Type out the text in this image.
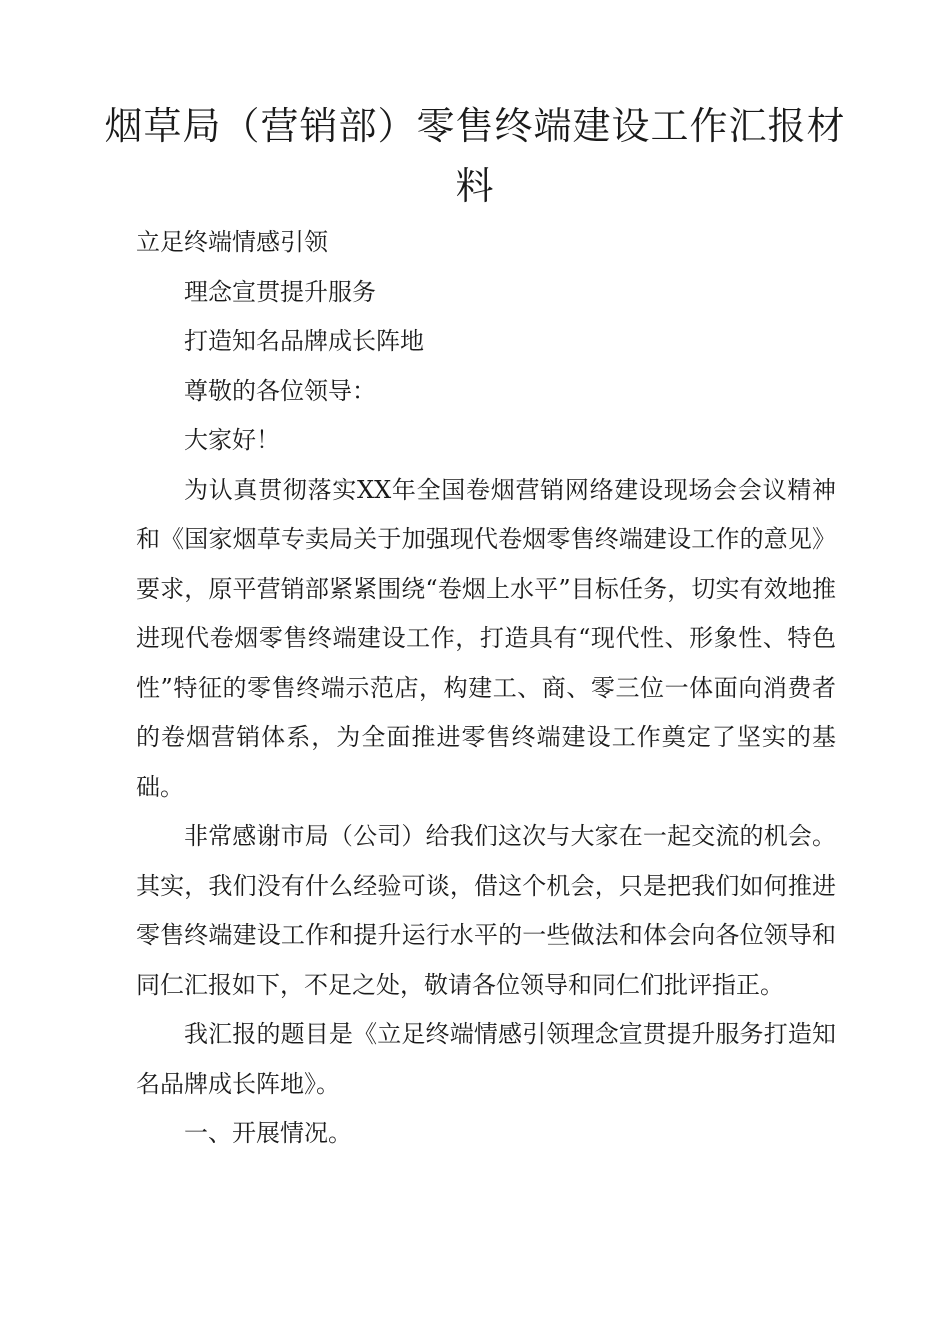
烟草局（营销部）零售终端建设工作汇报材料

立足终端情感引领

理念宣贯提升服务

打造知名品牌成长阵地

尊敬的各位领导：

大家好！

为认真贯彻落实XX年全国卷烟营销网络建设现场会会议精神和《国家烟草专卖局关于加强现代卷烟零售终端建设工作的意见》要求，原平营销部紧紧围绕“卷烟上水平”目标任务，切实有效地推进现代卷烟零售终端建设工作，打造具有“现代性、形象性、特色性”特征的零售终端示范店，构建工、商、零三位一体面向消费者的卷烟营销体系，为全面推进零售终端建设工作奠定了坚实的基础。

非常感谢市局（公司）给我们这次与大家在一起交流的机会。其实，我们没有什么经验可谈，借这个机会，只是把我们如何推进零售终端建设工作和提升运行水平的一些做法和体会向各位领导和同仁汇报如下，不足之处，敬请各位领导和同仁们批评指正。

我汇报的题目是《立足终端情感引领理念宣贯提升服务打造知名品牌成长阵地》。

一、开展情况。
